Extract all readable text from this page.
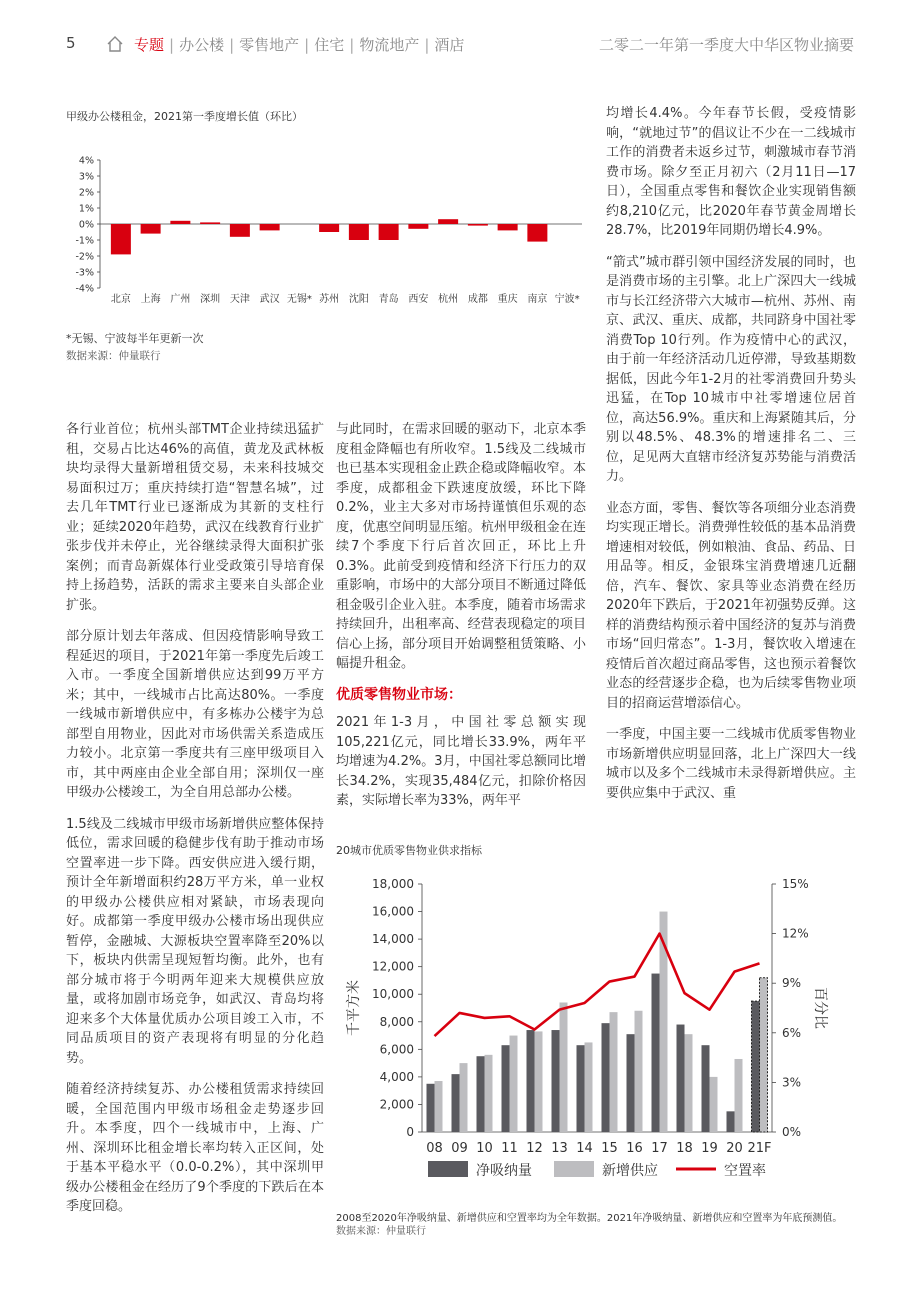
5	专题 | 办公楼 | 零售地产 | 住宅 | 物流地产 | 酒店	二零二一年第一季度大中华区物业摘要
甲级办公楼租金，2021第一季度增长值（环比）
4%
3%
2%
1%
0%
-1%
-2%
-3%
-4%
北京 上海 广州 深圳 天津 武汉 无锡* 苏州 沈阳 青岛 西安 杭州 成都 重庆 南京 宁波*
*无锡、宁波每半年更新一次
数据来源：仲量联行

各行业首位；杭州头部TMT企业持续迅猛扩租，交易占比达46%的高值，黄龙及武林板块均录得大量新增租赁交易，未来科技城交易面积过万；重庆持续打造“智慧名城”，过去几年TMT行业已逐渐成为其新的支柱行业；延续2020年趋势，武汉在线教育行业扩张步伐并未停止，光谷继续录得大面积扩张案例；而青岛新媒体行业受政策引导培育保持上扬趋势，活跃的需求主要来自头部企业扩张。

部分原计划去年落成、但因疫情影响导致工程延迟的项目，于2021年第一季度先后竣工入市。一季度全国新增供应达到99万平方米；其中，一线城市占比高达80%。一季度一线城市新增供应中，有多栋办公楼宇为总部型自用物业，因此对市场供需关系造成压力较小。北京第一季度共有三座甲级项目入市，其中两座由企业全部自用；深圳仅一座甲级办公楼竣工，为全自用总部办公楼。

1.5线及二线城市甲级市场新增供应整体保持低位，需求回暖的稳健步伐有助于推动市场空置率进一步下降。西安供应进入缓行期，预计全年新增面积约28万平方米，单一业权的甲级办公楼供应相对紧缺，市场表现向好。成都第一季度甲级办公楼市场出现供应暂停，金融城、大源板块空置率降至20%以下，板块内供需呈现短暂均衡。此外，也有部分城市将于今明两年迎来大规模供应放量，或将加剧市场竞争，如武汉、青岛均将迎来多个大体量优质办公项目竣工入市，不同品质项目的资产表现将有明显的分化趋势。

随着经济持续复苏、办公楼租赁需求持续回暖，全国范围内甲级市场租金走势逐步回升。本季度，四个一线城市中，上海、广州、深圳环比租金增长率均转入正区间，处于基本平稳水平（0.0-0.2%），其中深圳甲级办公楼租金在经历了9个季度的下跌后在本季度回稳。

与此同时，在需求回暖的驱动下，北京本季度租金降幅也有所收窄。1.5线及二线城市也已基本实现租金止跌企稳或降幅收窄。本季度，成都租金下跌速度放缓，环比下降0.2%，业主大多对市场持谨慎但乐观的态度，优惠空间明显压缩。杭州甲级租金在连续7个季度下行后首次回正，环比上升0.3%。此前受到疫情和经济下行压力的双重影响，市场中的大部分项目不断通过降低租金吸引企业入驻。本季度，随着市场需求持续回升，出租率高、经营表现稳定的项目信心上扬，部分项目开始调整租赁策略、小幅提升租金。

优质零售物业市场：

2021年1-3月，中国社零总额实现105,221亿元，同比增长33.9%，两年平均增速为4.2%。3月，中国社零总额同比增长34.2%，实现35,484亿元，扣除价格因素，实际增长率为33%，两年平

均增长4.4%。今年春节长假，受疫情影响，“就地过节”的倡议让不少在一二线城市工作的消费者未返乡过节，刺激城市春节消费市场。除夕至正月初六（2月11日—17日），全国重点零售和餐饮企业实现销售额约8,210亿元，比2020年春节黄金周增长28.7%，比2019年同期仍增长4.9%。

“箭式”城市群引领中国经济发展的同时，也是消费市场的主引擎。北上广深四大一线城市与长江经济带六大城市—杭州、苏州、南京、武汉、重庆、成都，共同跻身中国社零消费Top 10行列。作为疫情中心的武汉，由于前一年经济活动几近停滞，导致基期数据低，因此今年1-2月的社零消费回升势头迅猛，在Top 10城市中社零增速位居首位，高达56.9%。重庆和上海紧随其后，分别以48.5%、48.3%的增速排名二、三位，足见两大直辖市经济复苏势能与消费活力。

业态方面，零售、餐饮等各项细分业态消费均实现正增长。消费弹性较低的基本品消费增速相对较低，例如粮油、食品、药品、日用品等。相反，金银珠宝消费增速几近翻倍，汽车、餐饮、家具等业态消费在经历2020年下跌后，于2021年初强势反弹。这样的消费结构预示着中国经济的复苏与消费市场“回归常态”。1-3月，餐饮收入增速在疫情后首次超过商品零售，这也预示着餐饮业态的经营逐步企稳，也为后续零售物业项目的招商运营增添信心。

一季度，中国主要一二线城市优质零售物业市场新增供应明显回落，北上广深四大一线城市以及多个二线城市未录得新增供应。主要供应集中于武汉、重

20城市优质零售物业供求指标
18,000
16,000
14,000
12,000
10,000
8,000
6,000
4,000
2,000
0
15%
12%
9%
6%
3%
0%
千平方米	百分比
08 09 10 11 12 13 14 15 16 17 18 19 20 21F
净吸纳量	新增供应	空置率
2008至2020年净吸纳量、新增供应和空置率均为全年数据。2021年净吸纳量、新增供应和空置率为年底预测值。
数据来源：仲量联行
